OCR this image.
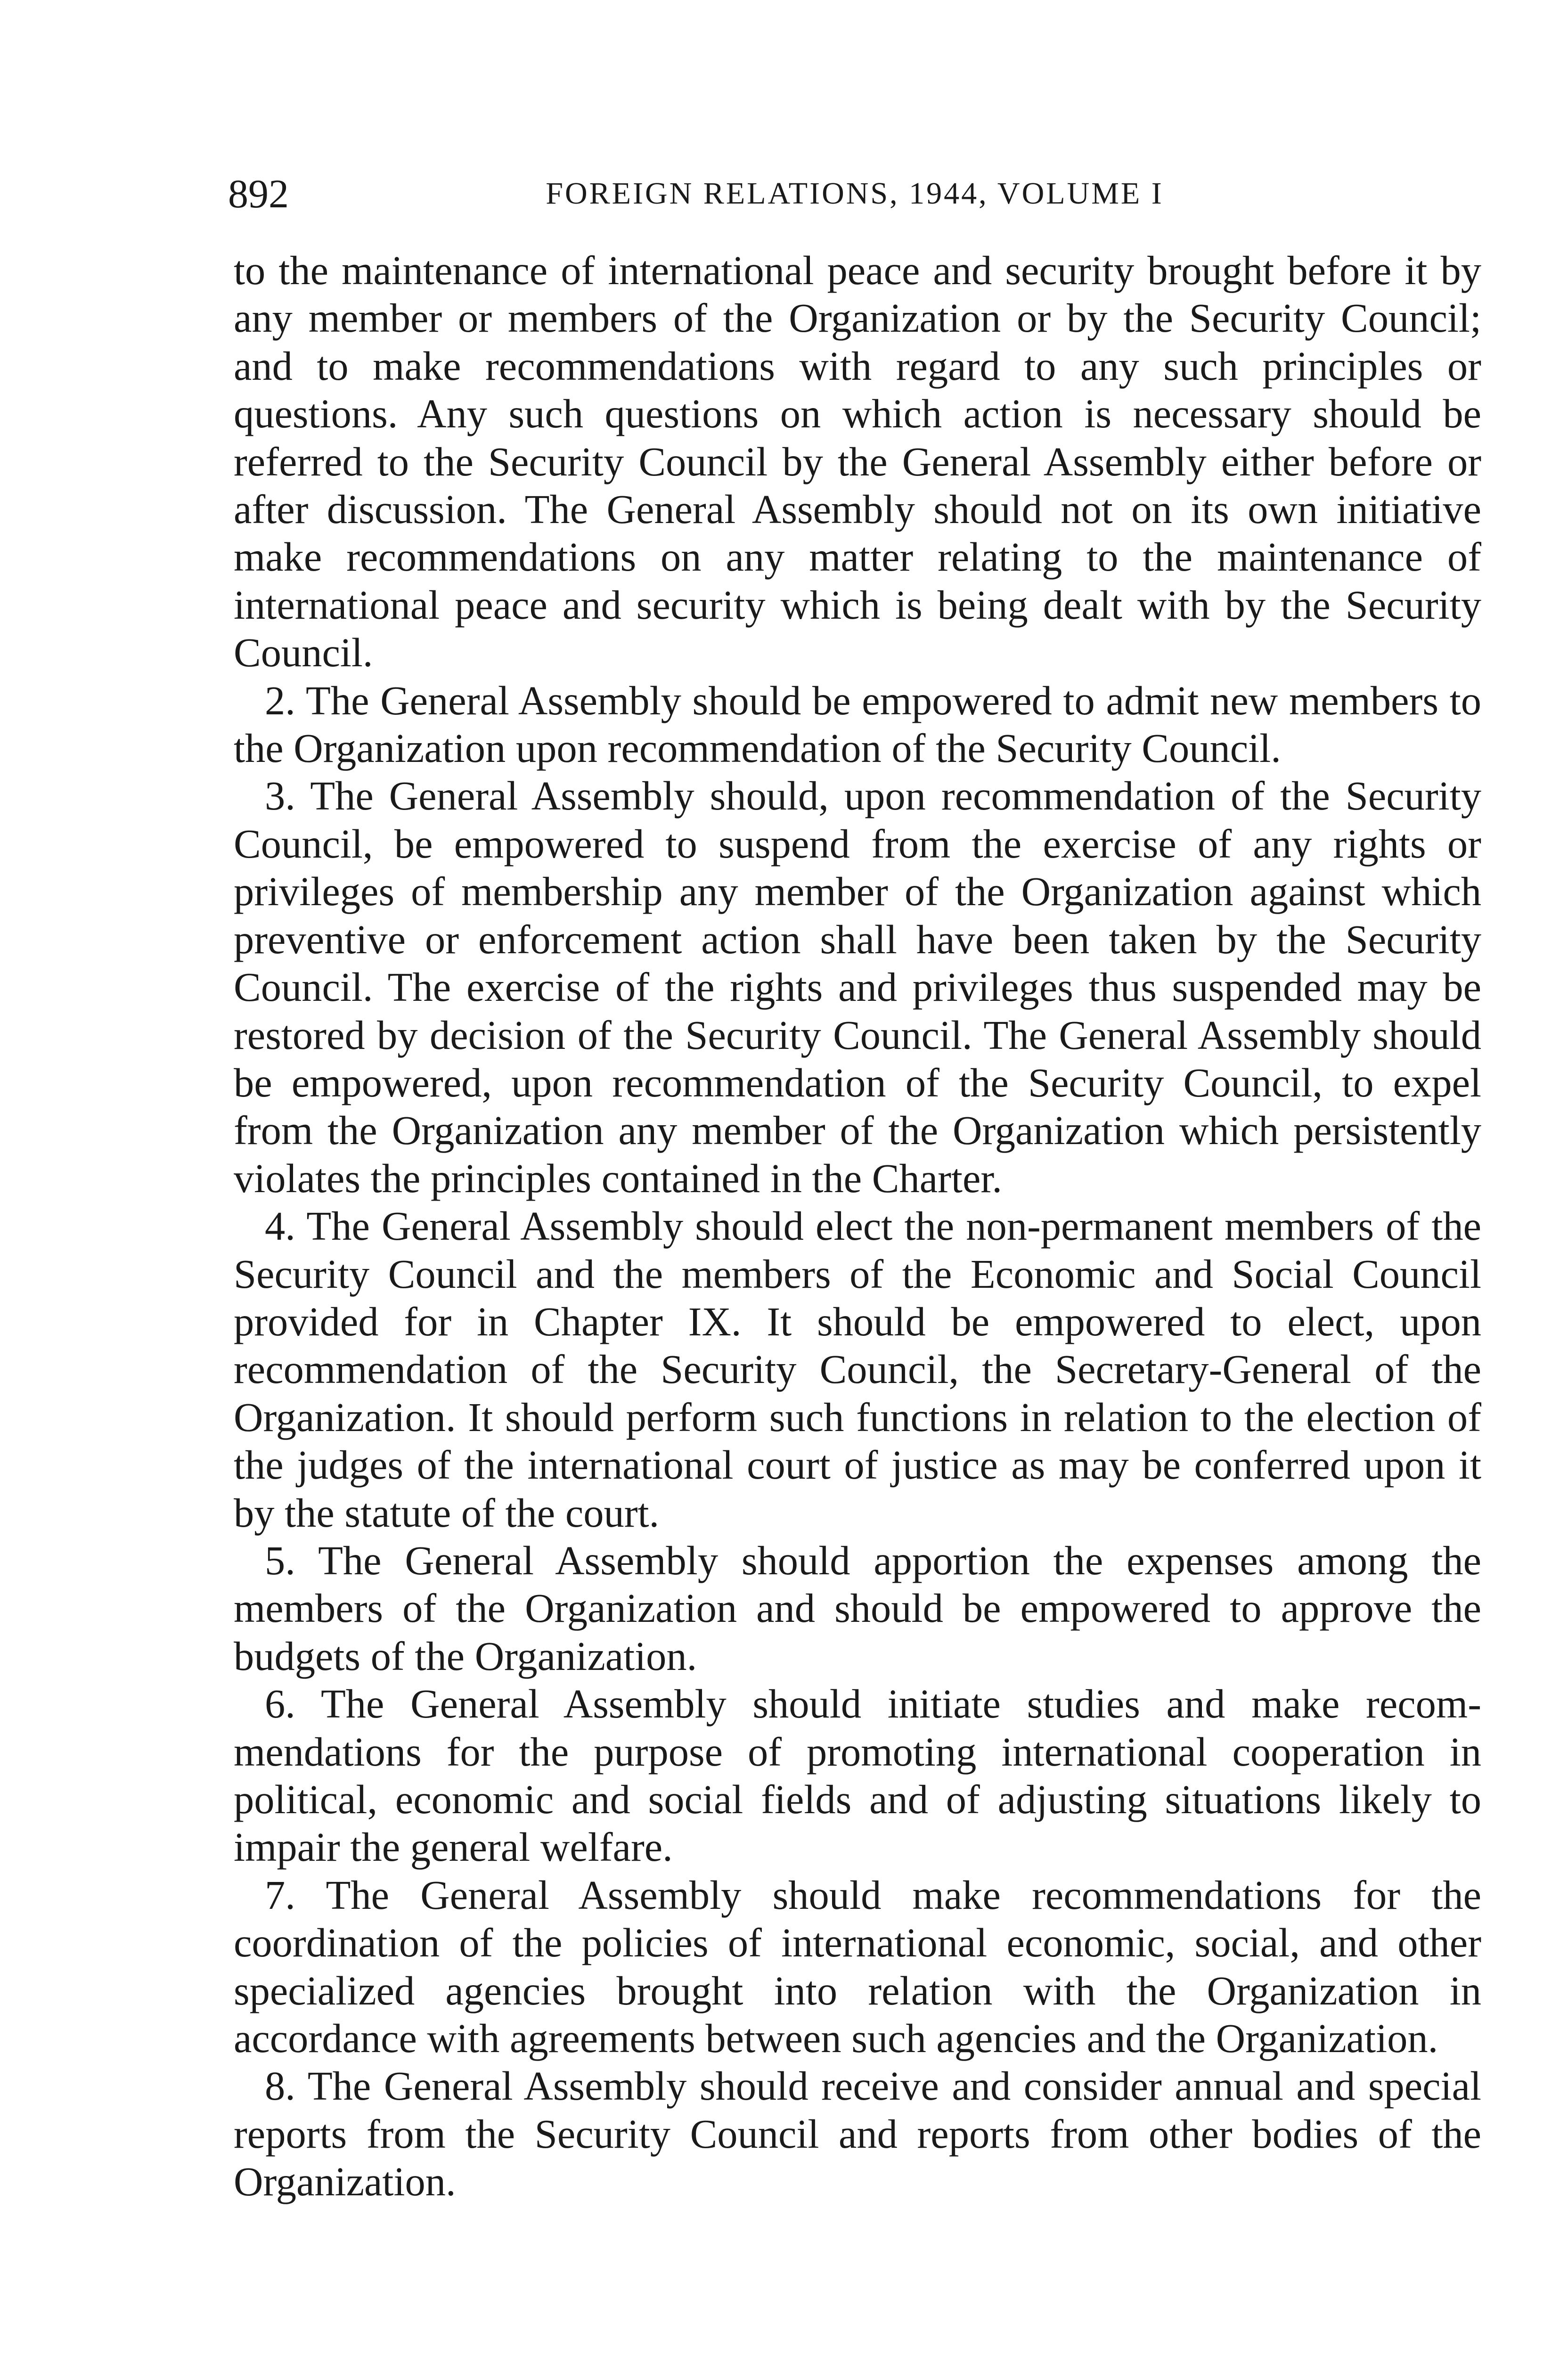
892	FOREIGN RELATIONS, 1944, VOLUME I

to the maintenance of international peace and security brought before it by any member or members of the Organization or by the Security Council; and to make recommendations with regard to any such principles or questions. Any such questions on which action is necessary should be referred to the Security Council by the General Assembly either before or after discussion. The General Assembly should not on its own initiative make recommendations on any matter relating to the maintenance of international peace and security which is being dealt with by the Security Council.

2. The General Assembly should be empowered to admit new members to the Organization upon recommendation of the Security Council.

3. The General Assembly should, upon recommendation of the Security Council, be empowered to suspend from the exercise of any rights or privileges of membership any member of the Organization against which preventive or enforcement action shall have been taken by the Security Council. The exercise of the rights and privileges thus suspended may be restored by decision of the Security Council. The General Assembly should be empowered, upon recommendation of the Security Council, to expel from the Organization any member of the Organization which persistently violates the principles contained in the Charter.

4. The General Assembly should elect the non-permanent members of the Security Council and the members of the Economic and Social Council provided for in Chapter IX. It should be empowered to elect, upon recommendation of the Security Council, the Secretary-General of the Organization. It should perform such functions in relation to the election of the judges of the international court of justice as may be conferred upon it by the statute of the court.

5. The General Assembly should apportion the expenses among the members of the Organization and should be empowered to approve the budgets of the Organization.

6. The General Assembly should initiate studies and make recommendations for the purpose of promoting international cooperation in political, economic and social fields and of adjusting situations likely to impair the general welfare.

7. The General Assembly should make recommendations for the coordination of the policies of international economic, social, and other specialized agencies brought into relation with the Organization in accordance with agreements between such agencies and the Organization.

8. The General Assembly should receive and consider annual and special reports from the Security Council and reports from other bodies of the Organization.
